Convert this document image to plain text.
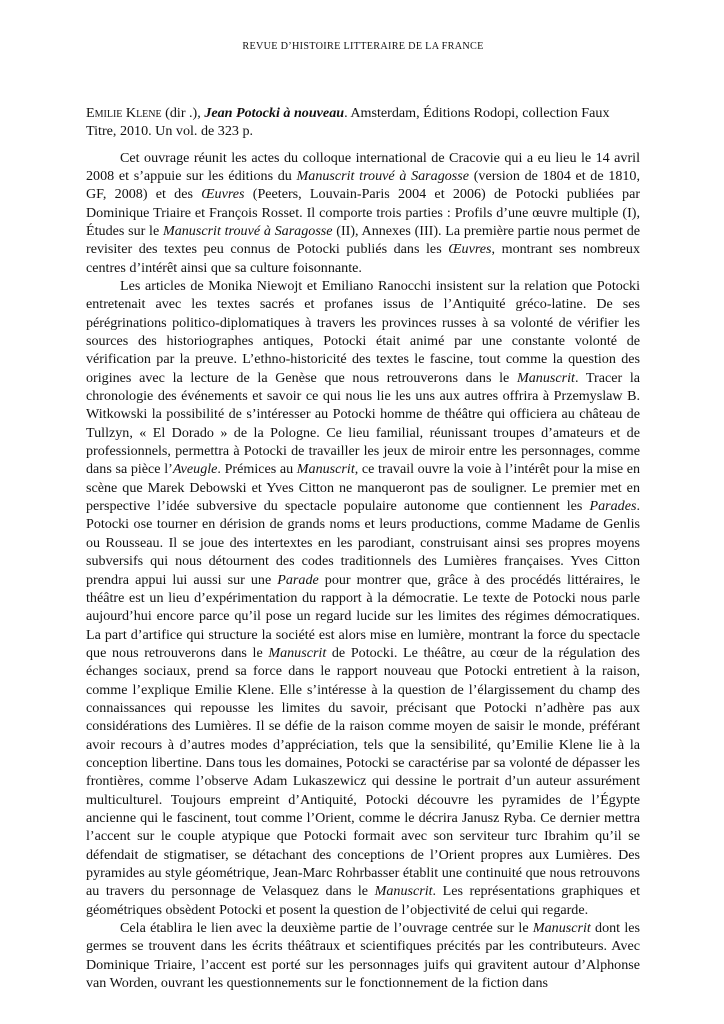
REVUE D’HISTOIRE LITTERAIRE DE LA FRANCE

Emilie Klene (dir .), Jean Potocki à nouveau. Amsterdam, Éditions Rodopi, collection Faux Titre, 2010. Un vol. de 323 p.

Cet ouvrage réunit les actes du colloque international de Cracovie qui a eu lieu le 14 avril 2008 et s’appuie sur les éditions du Manuscrit trouvé à Saragosse (version de 1804 et de 1810, GF, 2008) et des Œuvres (Peeters, Louvain-Paris 2004 et 2006) de Potocki publiées par Dominique Triaire et François Rosset. Il comporte trois parties : Profils d’une œuvre multiple (I), Études sur le Manuscrit trouvé à Saragosse (II), Annexes (III). La première partie nous permet de revisiter des textes peu connus de Potocki publiés dans les Œuvres, montrant ses nombreux centres d’intérêt ainsi que sa culture foisonnante.

Les articles de Monika Niewojt et Emiliano Ranocchi insistent sur la relation que Potocki entretenait avec les textes sacrés et profanes issus de l’Antiquité gréco-latine. De ses pérégrinations politico-diplomatiques à travers les provinces russes à sa volonté de vérifier les sources des historiographes antiques, Potocki était animé par une constante volonté de vérification par la preuve. L’ethno-historicité des textes le fascine, tout comme la question des origines avec la lecture de la Genèse que nous retrouverons dans le Manuscrit. Tracer la chronologie des événements et savoir ce qui nous lie les uns aux autres offrira à Przemyslaw B. Witkowski la possibilité de s’intéresser au Potocki homme de théâtre qui officiera au château de Tullzyn, « El Dorado » de la Pologne. Ce lieu familial, réunissant troupes d’amateurs et de professionnels, permettra à Potocki de travailler les jeux de miroir entre les personnages, comme dans sa pièce l’Aveugle. Prémices au Manuscrit, ce travail ouvre la voie à l’intérêt pour la mise en scène que Marek Debowski et Yves Citton ne manqueront pas de souligner. Le premier met en perspective l’idée subversive du spectacle populaire autonome que contiennent les Parades. Potocki ose tourner en dérision de grands noms et leurs productions, comme Madame de Genlis ou Rousseau. Il se joue des intertextes en les parodiant, construisant ainsi ses propres moyens subversifs qui nous détournent des codes traditionnels des Lumières françaises. Yves Citton prendra appui lui aussi sur une Parade pour montrer que, grâce à des procédés littéraires, le théâtre est un lieu d’expérimentation du rapport à la démocratie. Le texte de Potocki nous parle aujourd’hui encore parce qu’il pose un regard lucide sur les limites des régimes démocratiques. La part d’artifice qui structure la société est alors mise en lumière, montrant la force du spectacle que nous retrouverons dans le Manuscrit de Potocki. Le théâtre, au cœur de la régulation des échanges sociaux, prend sa force dans le rapport nouveau que Potocki entretient à la raison, comme l’explique Emilie Klene. Elle s’intéresse à la question de l’élargissement du champ des connaissances qui repousse les limites du savoir, précisant que Potocki n’adhère pas aux considérations des Lumières. Il se défie de la raison comme moyen de saisir le monde, préférant avoir recours à d’autres modes d’appréciation, tels que la sensibilité, qu’Emilie Klene lie à la conception libertine. Dans tous les domaines, Potocki se caractérise par sa volonté de dépasser les frontières, comme l’observe Adam Lukaszewicz qui dessine le portrait d’un auteur assurément multiculturel. Toujours empreint d’Antiquité, Potocki découvre les pyramides de l’Égypte ancienne qui le fascinent, tout comme l’Orient, comme le décrira Janusz Ryba. Ce dernier mettra l’accent sur le couple atypique que Potocki formait avec son serviteur turc Ibrahim qu’il se défendait de stigmatiser, se détachant des conceptions de l’Orient propres aux Lumières. Des pyramides au style géométrique, Jean-Marc Rohrbasser établit une continuité que nous retrouvons au travers du personnage de Velasquez dans le Manuscrit. Les représentations graphiques et géométriques obsèdent Potocki et posent la question de l’objectivité de celui qui regarde.

Cela établira le lien avec la deuxième partie de l’ouvrage centrée sur le Manuscrit dont les germes se trouvent dans les écrits théâtraux et scientifiques précités par les contributeurs. Avec Dominique Triaire, l’accent est porté sur les personnages juifs qui gravitent autour d’Alphonse van Worden, ouvrant les questionnements sur le fonctionnement de la fiction dans
